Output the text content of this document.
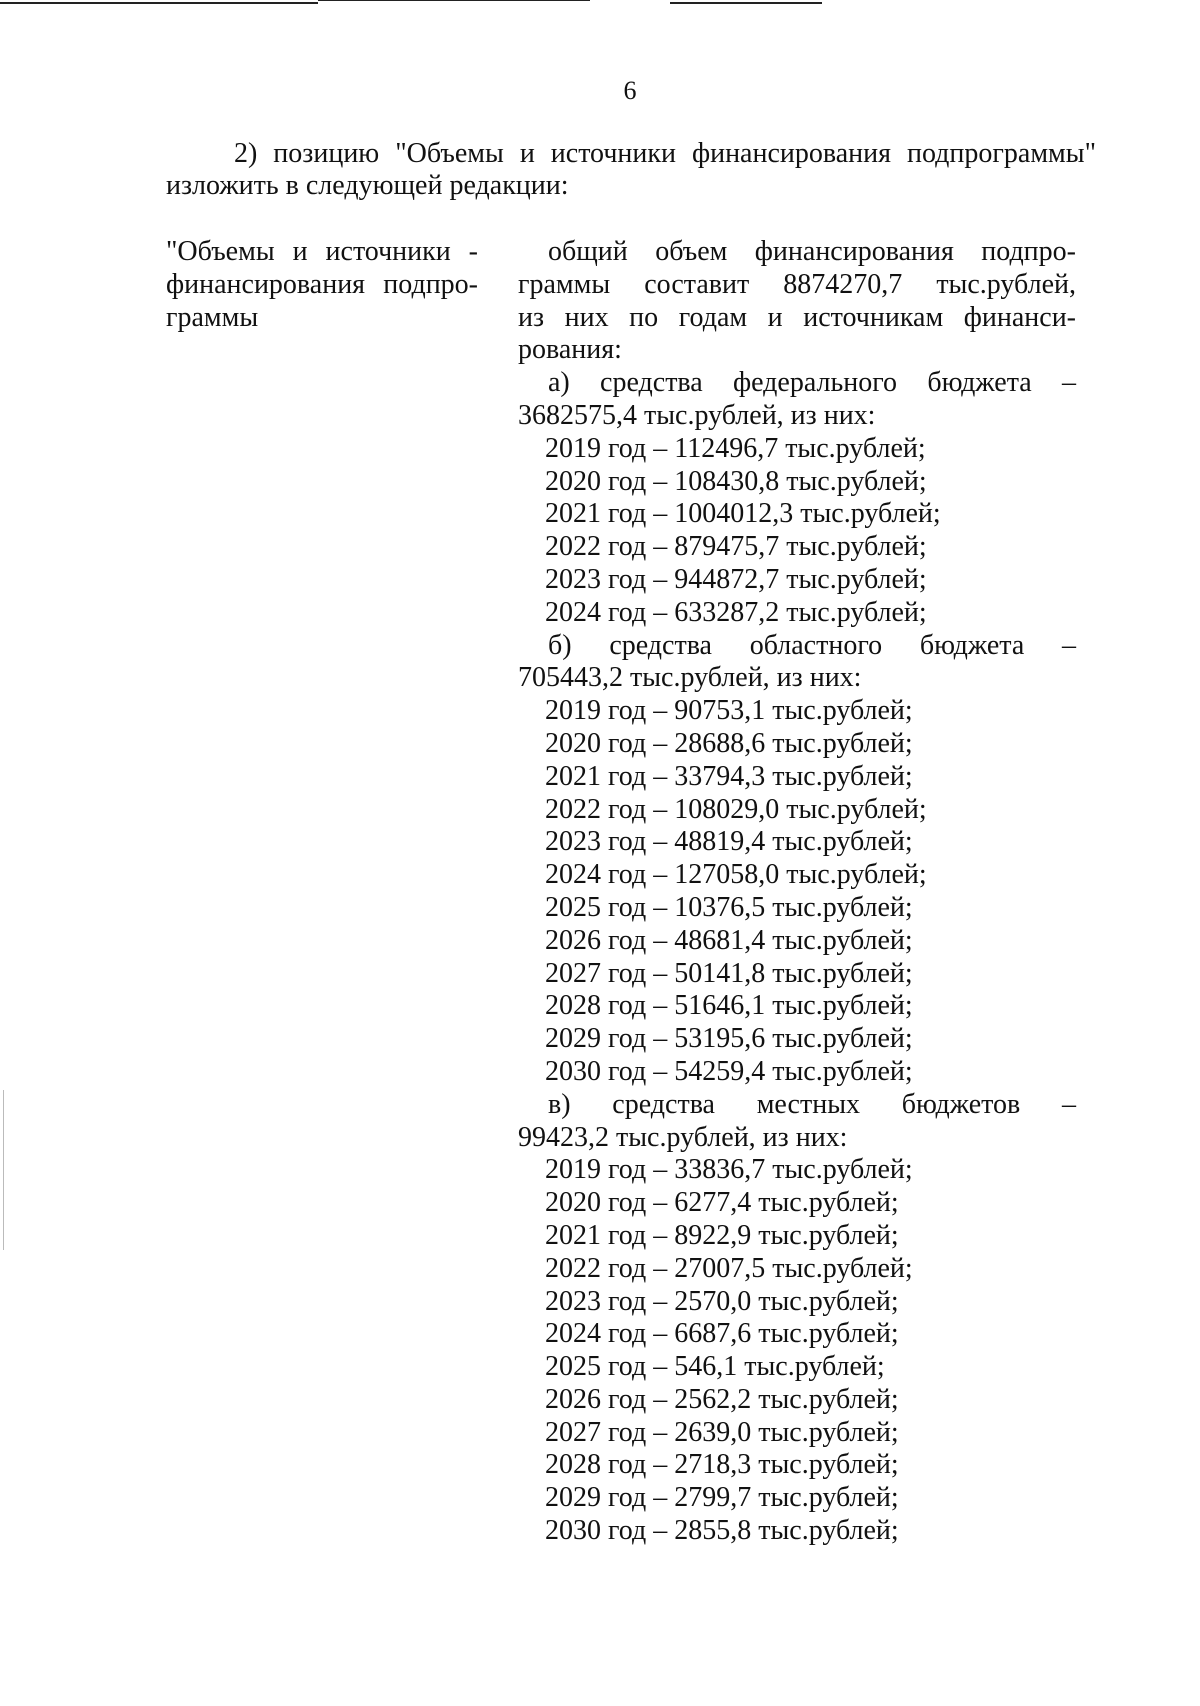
6
2) позицию "Объемы и источники финансирования подпрограммы"
изложить в следующей редакции:
"Объемы и источники -
финансирования подпро-
граммы
общий объем финансирования подпро-
граммы составит 8874270,7 тыс.рублей,
из них по годам и источникам финанси-
рования:
а) средства федерального бюджета –
3682575,4 тыс.рублей, из них:
2019 год – 112496,7 тыс.рублей;
2020 год – 108430,8 тыс.рублей;
2021 год – 1004012,3 тыс.рублей;
2022 год – 879475,7 тыс.рублей;
2023 год – 944872,7 тыс.рублей;
2024 год – 633287,2 тыс.рублей;
б) средства областного бюджета –
705443,2 тыс.рублей, из них:
2019 год – 90753,1 тыс.рублей;
2020 год – 28688,6 тыс.рублей;
2021 год – 33794,3 тыс.рублей;
2022 год – 108029,0 тыс.рублей;
2023 год – 48819,4 тыс.рублей;
2024 год – 127058,0 тыс.рублей;
2025 год – 10376,5 тыс.рублей;
2026 год – 48681,4 тыс.рублей;
2027 год – 50141,8 тыс.рублей;
2028 год – 51646,1 тыс.рублей;
2029 год – 53195,6 тыс.рублей;
2030 год – 54259,4 тыс.рублей;
в) средства местных бюджетов –
99423,2 тыс.рублей, из них:
2019 год – 33836,7 тыс.рублей;
2020 год – 6277,4 тыс.рублей;
2021 год – 8922,9 тыс.рублей;
2022 год – 27007,5 тыс.рублей;
2023 год – 2570,0 тыс.рублей;
2024 год – 6687,6 тыс.рублей;
2025 год – 546,1 тыс.рублей;
2026 год – 2562,2 тыс.рублей;
2027 год – 2639,0 тыс.рублей;
2028 год – 2718,3 тыс.рублей;
2029 год – 2799,7 тыс.рублей;
2030 год – 2855,8 тыс.рублей;
